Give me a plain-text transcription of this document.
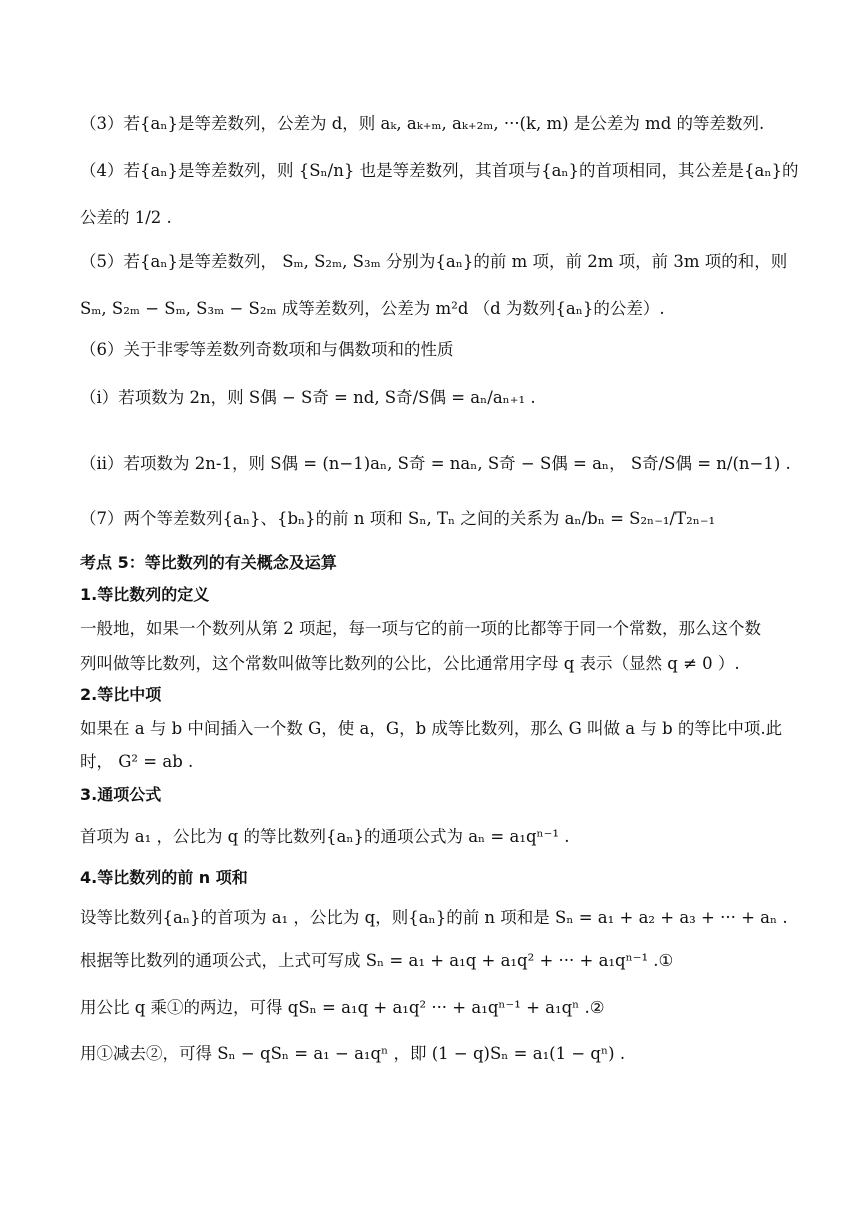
（3）若{aₙ}是等差数列，公差为 d，则 aₖ, aₖ₊ₘ, aₖ₊₂ₘ, ···(k, m) 是公差为 md 的等差数列.
（4）若{aₙ}是等差数列，则 {Sₙ/n} 也是等差数列，其首项与{aₙ}的首项相同，其公差是{aₙ}的
公差的 1/2 .
（5）若{aₙ}是等差数列， Sₘ, S₂ₘ, S₃ₘ 分别为{aₙ}的前 m 项，前 2m 项，前 3m 项的和，则
Sₘ, S₂ₘ − Sₘ, S₃ₘ − S₂ₘ 成等差数列，公差为 m²d （d 为数列{aₙ}的公差）.
（6）关于非零等差数列奇数项和与偶数项和的性质
（i）若项数为 2n，则 S偶 − S奇 = nd, S奇/S偶 = aₙ/aₙ₊₁ .
（ii）若项数为 2n-1，则 S偶 = (n−1)aₙ, S奇 = naₙ, S奇 − S偶 = aₙ， S奇/S偶 = n/(n−1) .
（7）两个等差数列{aₙ}、{bₙ}的前 n 项和 Sₙ, Tₙ 之间的关系为 aₙ/bₙ = S₂ₙ₋₁/T₂ₙ₋₁
考点 5：等比数列的有关概念及运算
1.等比数列的定义
一般地，如果一个数列从第 2 项起，每一项与它的前一项的比都等于同一个常数，那么这个数
列叫做等比数列，这个常数叫做等比数列的公比，公比通常用字母 q 表示（显然 q ≠ 0 ）.
2.等比中项
如果在 a 与 b 中间插入一个数 G，使 a，G，b 成等比数列，那么 G 叫做 a 与 b 的等比中项.此
时， G² = ab .
3.通项公式
首项为 a₁ ，公比为 q 的等比数列{aₙ}的通项公式为 aₙ = a₁qⁿ⁻¹ .
4.等比数列的前 n 项和
设等比数列{aₙ}的首项为 a₁ ，公比为 q，则{aₙ}的前 n 项和是 Sₙ = a₁ + a₂ + a₃ + ··· + aₙ .
根据等比数列的通项公式，上式可写成 Sₙ = a₁ + a₁q + a₁q² + ··· + a₁qⁿ⁻¹ .①
用公比 q 乘①的两边，可得 qSₙ = a₁q + a₁q² ··· + a₁qⁿ⁻¹ + a₁qⁿ .②
用①减去②，可得 Sₙ − qSₙ = a₁ − a₁qⁿ ，即 (1 − q)Sₙ = a₁(1 − qⁿ) .
